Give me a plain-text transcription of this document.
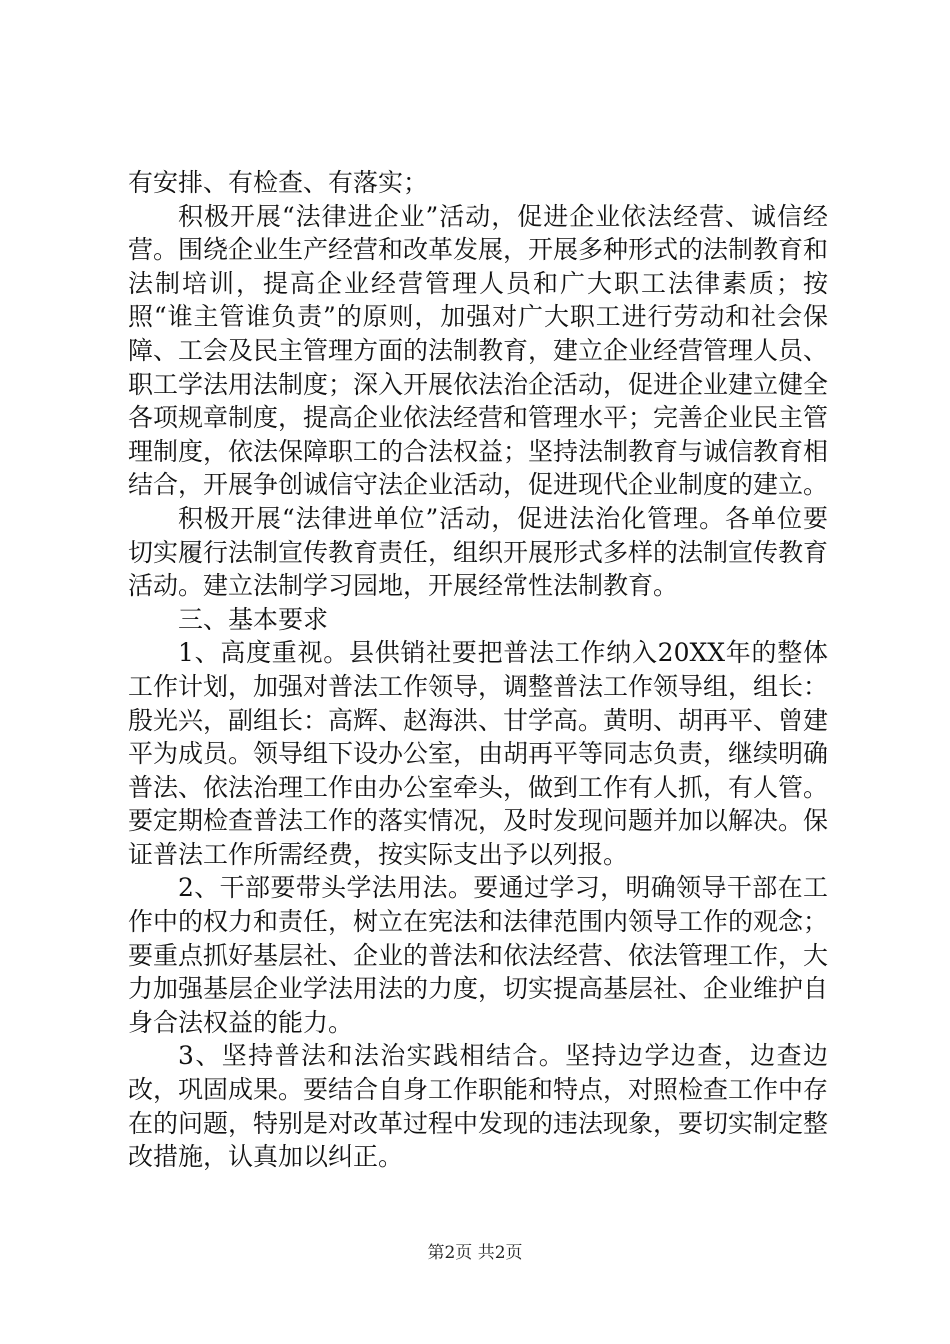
有安排、有检查、有落实；

积极开展“法律进企业”活动，促进企业依法经营、诚信经营。围绕企业生产经营和改革发展，开展多种形式的法制教育和法制培训，提高企业经营管理人员和广大职工法律素质；按照“谁主管谁负责”的原则，加强对广大职工进行劳动和社会保障、工会及民主管理方面的法制教育，建立企业经营管理人员、职工学法用法制度；深入开展依法治企活动，促进企业建立健全各项规章制度，提高企业依法经营和管理水平；完善企业民主管理制度，依法保障职工的合法权益；坚持法制教育与诚信教育相结合，开展争创诚信守法企业活动，促进现代企业制度的建立。

积极开展“法律进单位”活动，促进法治化管理。各单位要切实履行法制宣传教育责任，组织开展形式多样的法制宣传教育活动。建立法制学习园地，开展经常性法制教育。

三、基本要求

1、高度重视。县供销社要把普法工作纳入20XX年的整体工作计划，加强对普法工作领导，调整普法工作领导组，组长：殷光兴，副组长：高辉、赵海洪、甘学高。黄明、胡再平、曾建平为成员。领导组下设办公室，由胡再平等同志负责，继续明确普法、依法治理工作由办公室牵头，做到工作有人抓，有人管。要定期检查普法工作的落实情况，及时发现问题并加以解决。保证普法工作所需经费，按实际支出予以列报。

2、干部要带头学法用法。要通过学习，明确领导干部在工作中的权力和责任，树立在宪法和法律范围内领导工作的观念；要重点抓好基层社、企业的普法和依法经营、依法管理工作，大力加强基层企业学法用法的力度，切实提高基层社、企业维护自身合法权益的能力。

3、坚持普法和法治实践相结合。坚持边学边查，边查边改，巩固成果。要结合自身工作职能和特点，对照检查工作中存在的问题，特别是对改革过程中发现的违法现象，要切实制定整改措施，认真加以纠正。

第2页 共2页
